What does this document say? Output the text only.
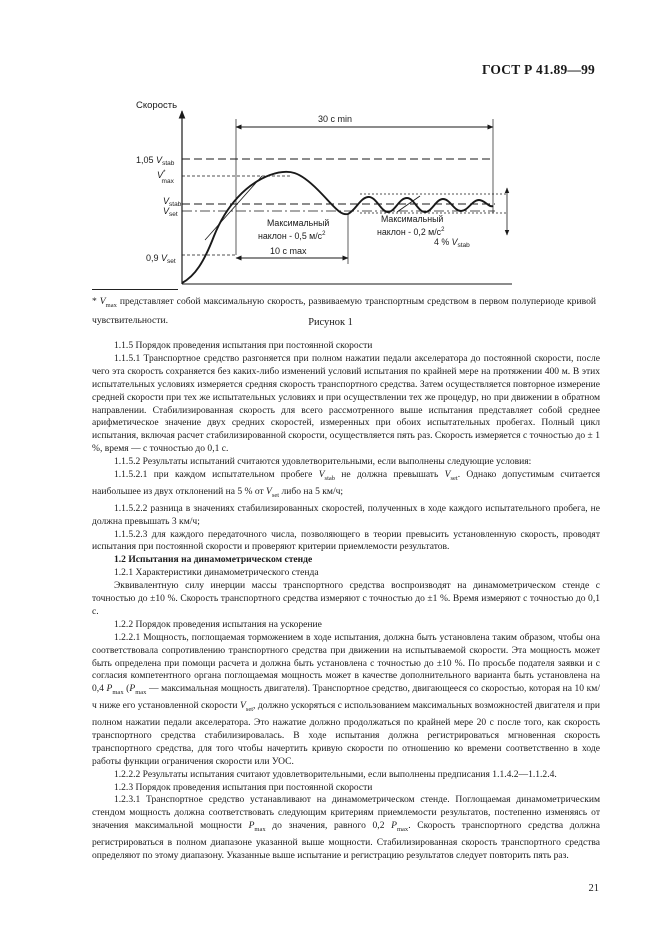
ГОСТ Р 41.89—99
Скорость
30 с min
10 с max
1,05 $V_{stab}$
V* max
$V_{stab}$
$V_{set}$
0,9 $V_{set}$
Максимальный
наклон - 0,5 $м/с^2$
Максимальный
наклон - 0,2 $м/с^2$
4 % $V_{stab}$
* $V_{max}$ представляет собой максимальную скорость, развиваемую транспортным средством в первом полупериоде кривой чувствительности.	Рисунок 1

1.1.5 Порядок проведения испытания при постоянной скорости

1.1.5.1 Транспортное средство разгоняется при полном нажатии педали акселератора до постоянной скорости, после чего эта скорость сохраняется без каких-либо изменений условий испытания по крайней мере на протяжении 400 м. В этих испытательных условиях измеряется средняя скорость транспортного средства. Затем осуществляется повторное измерение средней скорости при тех же испытательных условиях и при осуществлении тех же процедур, но при движении в обратном направлении. Стабилизированная скорость для всего рассмотренного выше испытания представляет собой среднее арифметическое значение двух средних скоростей, измеренных при обоих испытательных пробегах. Полный цикл испытания, включая расчет стабилизированной скорости, осуществляется пять раз. Скорость измеряется с точностью до ± 1 %, время — с точностью до 0,1 с.

1.1.5.2 Результаты испытаний считаются удовлетворительными, если выполнены следующие условия:

1.1.5.2.1 при каждом испытательном пробеге $V_{stab}$ не должна превышать $V_{set}$. Однако допустимым считается наибольшее из двух отклонений на 5 % от $V_{set}$ либо на 5 км/ч;

1.1.5.2.2 разница в значениях стабилизированных скоростей, полученных в ходе каждого испытательного пробега, не должна превышать 3 км/ч;

1.1.5.2.3 для каждого передаточного числа, позволяющего в теории превысить установленную скорость, проводят испытания при постоянной скорости и проверяют критерии приемлемости результатов.

1.2 Испытания на динамометрическом стенде

1.2.1 Характеристики динамометрического стенда

Эквивалентную силу инерции массы транспортного средства воспроизводят на динамометрическом стенде с точностью до ±10 %. Скорость транспортного средства измеряют с точностью до ±1 %. Время измеряют с точностью до 0,1 с.

1.2.2 Порядок проведения испытания на ускорение

1.2.2.1 Мощность, поглощаемая торможением в ходе испытания, должна быть установлена таким образом, чтобы она соответствовала сопротивлению транспортного средства при движении на испытываемой скорости. Эта мощность может быть определена при помощи расчета и должна быть установлена с точностью до ±10 %. По просьбе подателя заявки и с согласия компетентного органа поглощаемая мощность может в качестве дополнительного варианта быть установлена на 0,4 $P_{max}$ ($P_{max}$ — максимальная мощность двигателя). Транспортное средство, двигающееся со скоростью, которая на 10 км/ч ниже его установленной скорости $V_{set}$, должно ускоряться с использованием максимальных возможностей двигателя и при полном нажатии педали акселератора. Это нажатие должно продолжаться по крайней мере 20 с после того, как скорость транспортного средства стабилизировалась. В ходе испытания должна регистрироваться мгновенная скорость транспортного средства, для того чтобы начертить кривую скорости по отношению ко времени соответственно в ходе работы функции ограничения скорости или УОС.

1.2.2.2 Результаты испытания считают удовлетворительными, если выполнены предписания 1.1.4.2—1.1.2.4.

1.2.3 Порядок проведения испытания при постоянной скорости

1.2.3.1 Транспортное средство устанавливают на динамометрическом стенде. Поглощаемая динамометрическим стендом мощность должна соответствовать следующим критериям приемлемости результатов, постепенно изменяясь от значения максимальной мощности $P_{max}$ до значения, равного 0,2 $P_{max}$. Скорость транспортного средства должна регистрироваться в полном диапазоне указанной выше мощности. Стабилизированная скорость транспортного средства определяют по этому диапазону. Указанные выше испытание и регистрацию результатов следует повторить пять раз.

21
